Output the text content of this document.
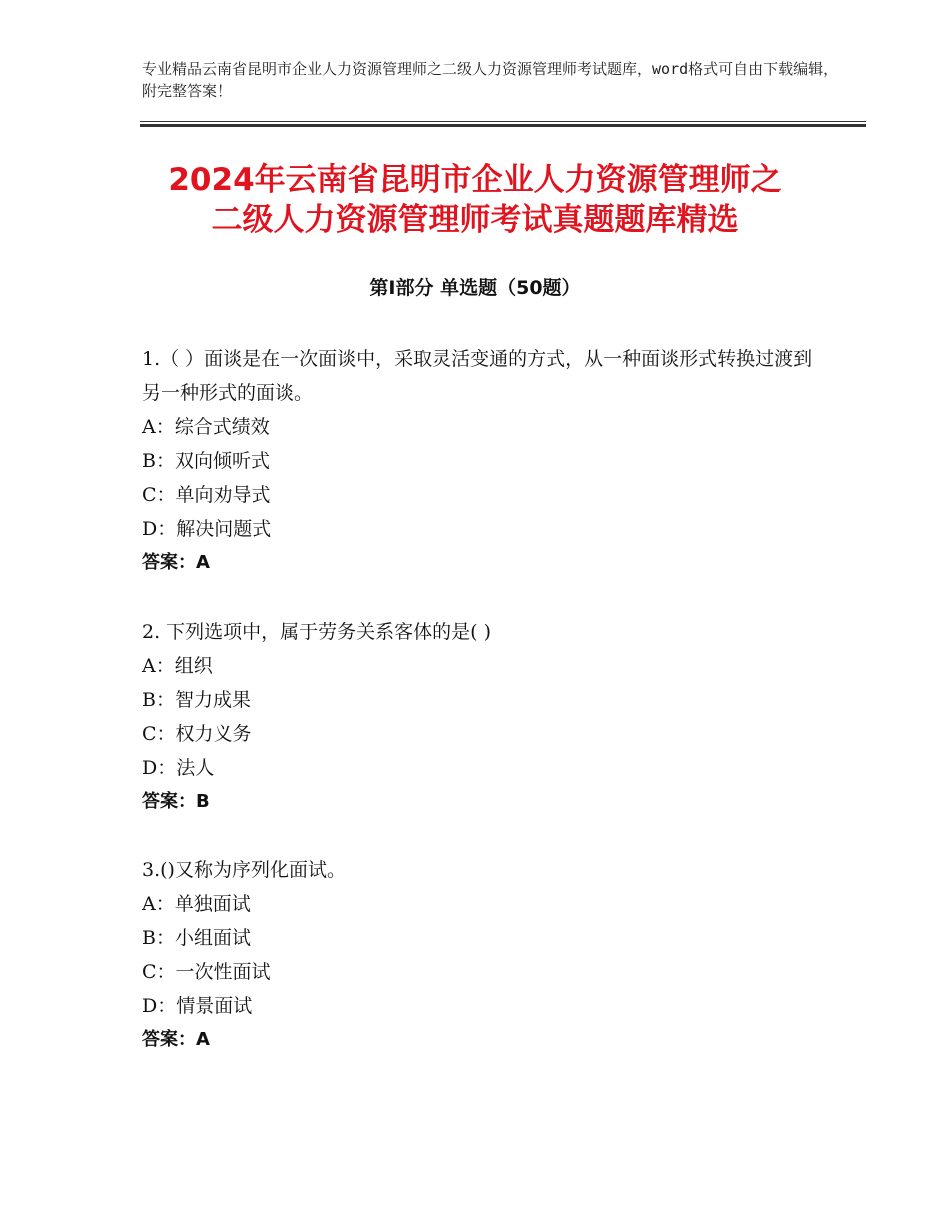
专业精品云南省昆明市企业人力资源管理师之二级人力资源管理师考试题库，word格式可自由下载编辑，附完整答案！

2024年云南省昆明市企业人力资源管理师之
二级人力资源管理师考试真题题库精选
第Ⅰ部分 单选题（50题）

1.（ ）面谈是在一次面谈中，采取灵活变通的方式，从一种面谈形式转换过渡到另一种形式的面谈。

A：综合式绩效

B：双向倾听式

C：单向劝导式

D：解决问题式

答案：A

2. 下列选项中，属于劳务关系客体的是( )

A：组织

B：智力成果

C：权力义务

D：法人

答案：B

3.()又称为序列化面试。

A：单独面试

B：小组面试

C：一次性面试

D：情景面试

答案：A
